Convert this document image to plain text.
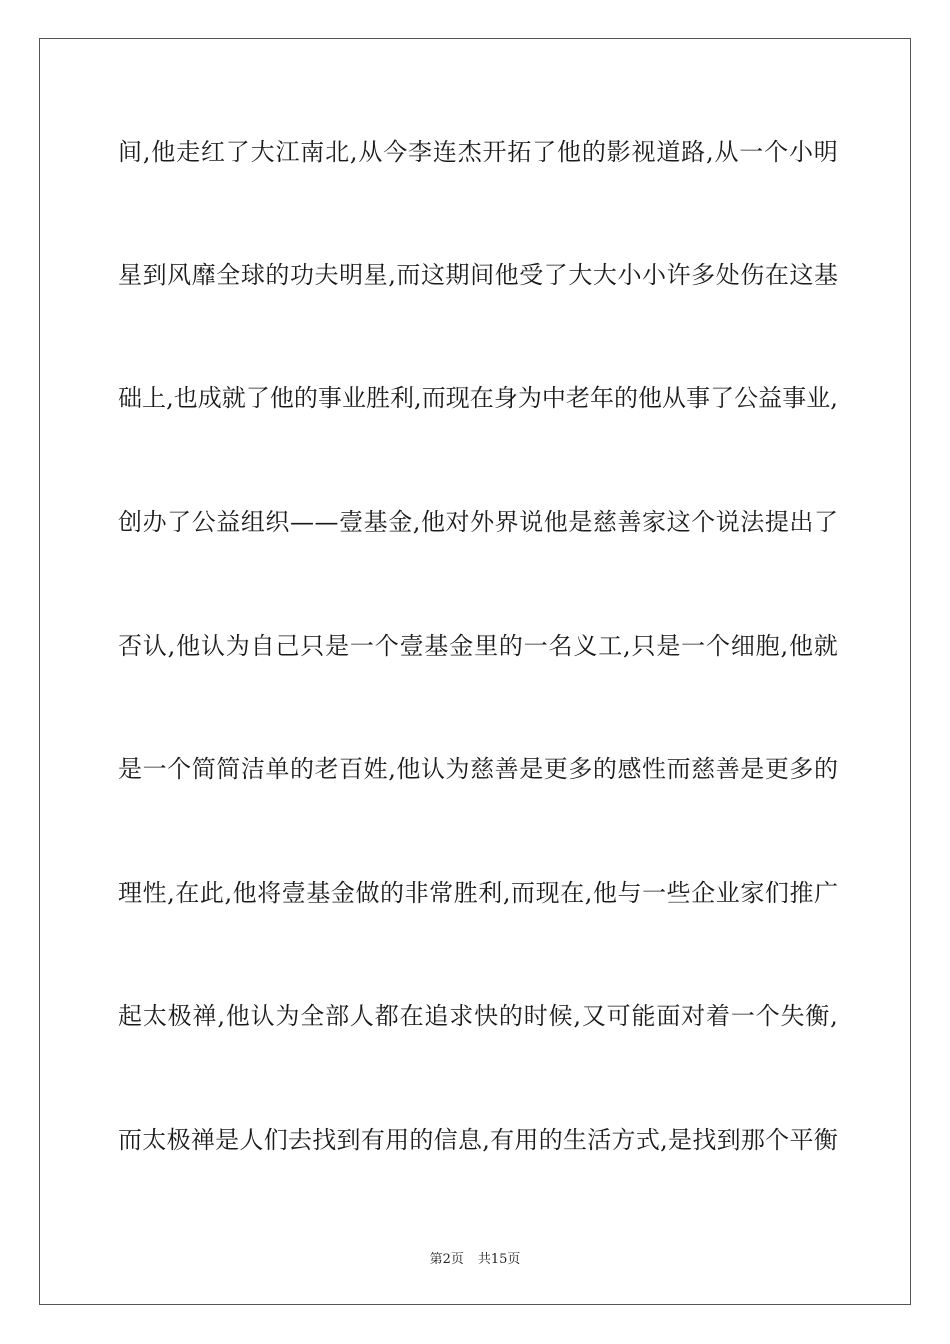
间 , 他 走 红 了 大 江 南 北 , 从 今 李 连 杰 开 拓 了 他 的 影 视 道 路 , 从 一 个 小 明
星 到 风 靡 全 球 的 功 夫 明 星 , 而 这 期 间 他 受 了 大 大 小 小 许 多 处 伤 在 这 基
础 上 , 也 成 就 了 他 的 事 业 胜 利 , 而 现 在 身 为 中 老 年 的 他 从 事 了 公 益 事 业 ,
创 办 了 公 益 组 织 — — 壹 基 金 , 他 对 外 界 说 他 是 慈 善 家 这 个 说 法 提 出 了
否 认 , 他 认 为 自 己 只 是 一 个 壹 基 金 里 的 一 名 义 工 , 只 是 一 个 细 胞 , 他 就
是 一 个 简 简 洁 单 的 老 百 姓 , 他 认 为 慈 善 是 更 多 的 感 性 而 慈 善 是 更 多 的
理 性 , 在 此 , 他 将 壹 基 金 做 的 非 常 胜 利 , 而 现 在 , 他 与 一 些 企 业 家 们 推 广
起 太 极 禅 , 他 认 为 全 部 人 都 在 追 求 快 的 时 候 , 又 可 能 面 对 着 一 个 失 衡 ,
而 太 极 禅 是 人 们 去 找 到 有 用 的 信 息 , 有 用 的 生 活 方 式 , 是 找 到 那 个 平 衡
第2页 共15页
